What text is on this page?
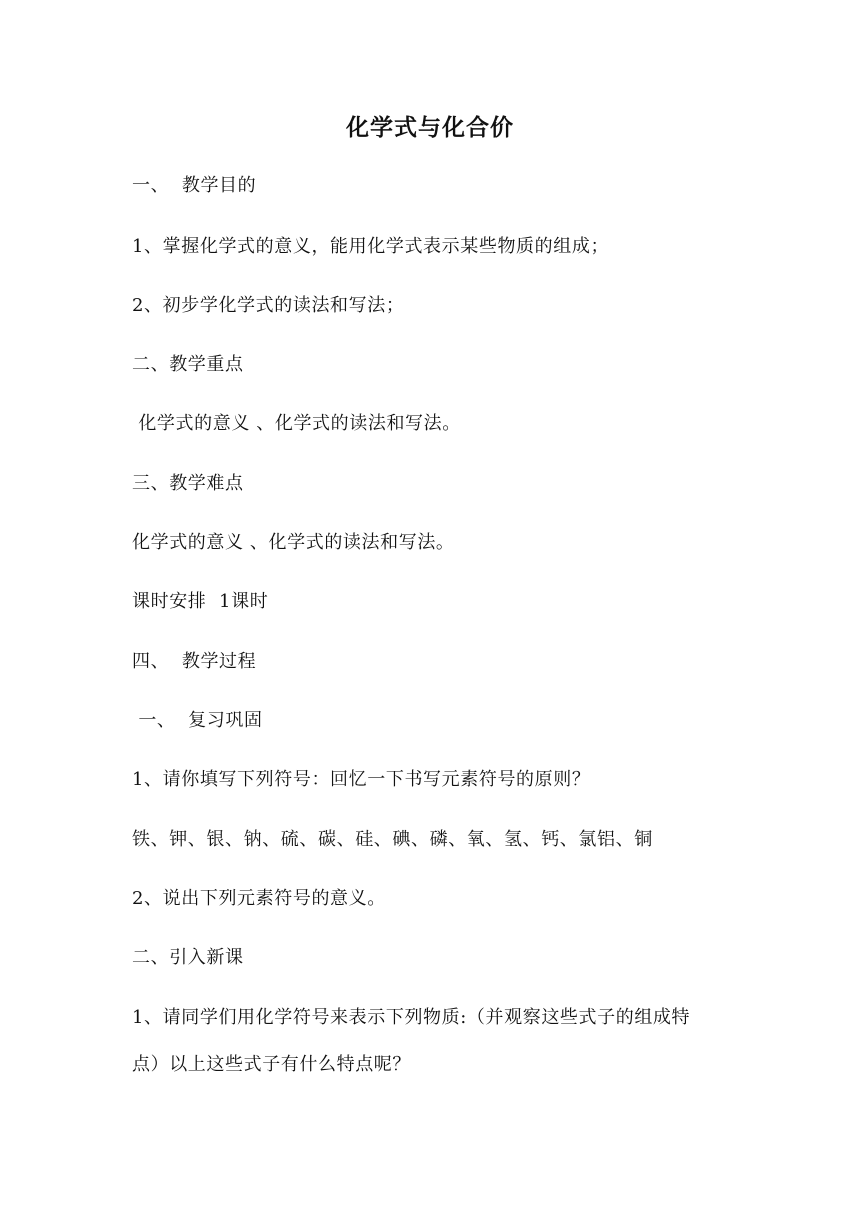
化学式与化合价
一、  教学目的
1、掌握化学式的意义，能用化学式表示某些物质的组成；
2、初步学化学式的读法和写法；
二、教学重点
化学式的意义 、化学式的读法和写法。
三、教学难点
化学式的意义 、化学式的读法和写法。
课时安排  1课时
四、  教学过程
一、  复习巩固
1、请你填写下列符号：回忆一下书写元素符号的原则？
铁、钾、银、钠、硫、碳、硅、碘、磷、氧、氢、钙、氯铝、铜
2、说出下列元素符号的意义。
二、引入新课
1、请同学们用化学符号来表示下列物质:（并观察这些式子的组成特
点）以上这些式子有什么特点呢？
